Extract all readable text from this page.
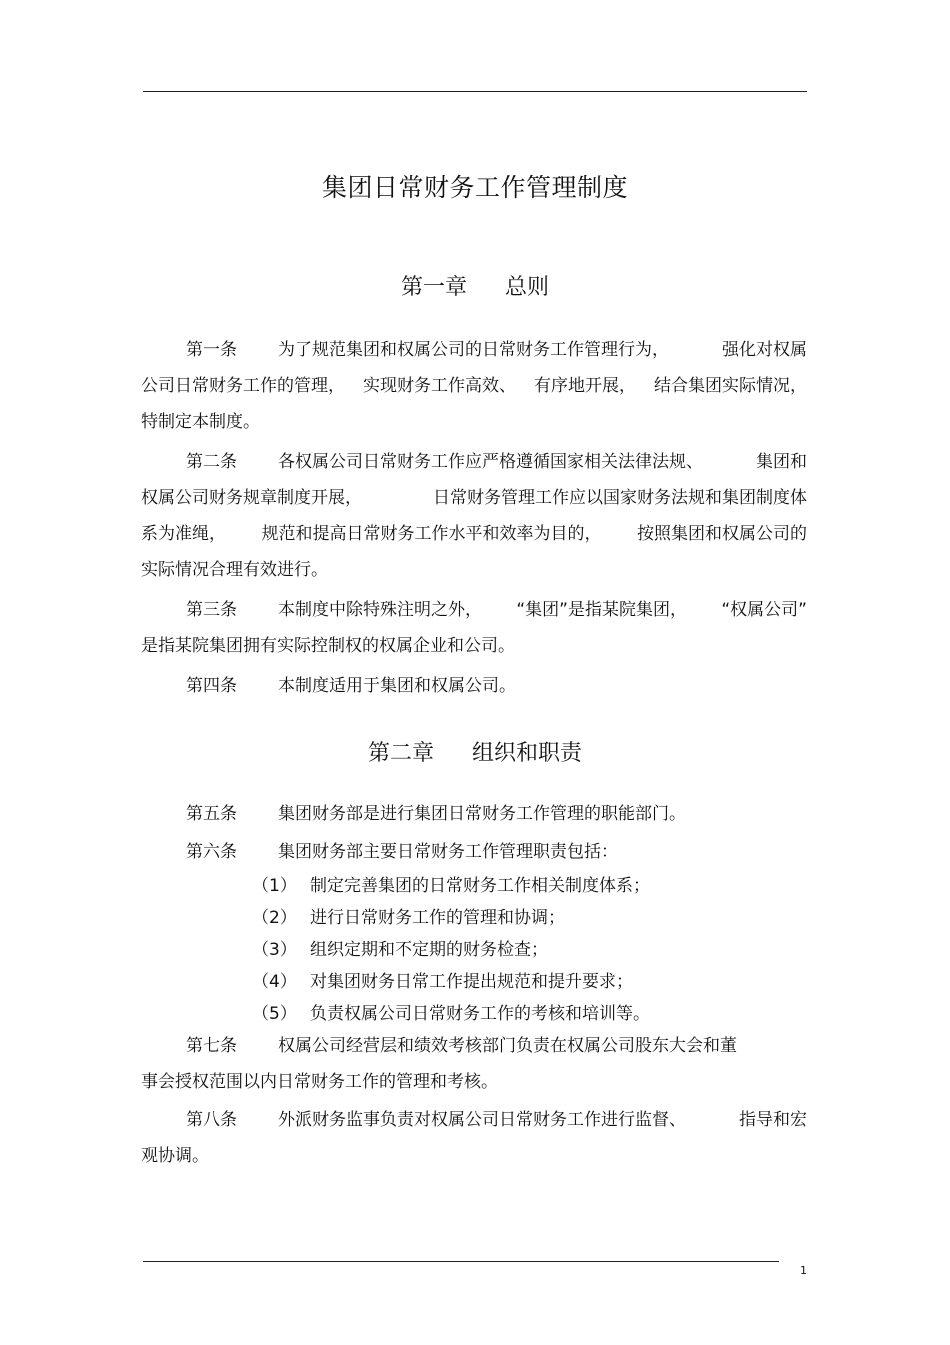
集团日常财务工作管理制度
第一章 总则
第一条 为了规范集团和权属公司的日常财务工作管理行为，	强化对权属
公司日常财务工作的管理， 实现财务工作高效、 有序地开展， 结合集团实际情况，
特制定本制度。
第二条 各权属公司日常财务工作应严格遵循国家相关法律法规、	集团和
权属公司财务规章制度开展，	日常财务管理工作应以国家财务法规和集团制度体
系为准绳， 规范和提高日常财务工作水平和效率为目的， 按照集团和权属公司的
实际情况合理有效进行。
第三条 本制度中除特殊注明之外， “集团”是指某院集团， “权属公司”
是指某院集团拥有实际控制权的权属企业和公司。
第四条 本制度适用于集团和权属公司。
第二章 组织和职责
第五条 集团财务部是进行集团日常财务工作管理的职能部门。
第六条 集团财务部主要日常财务工作管理职责包括：
（1） 制定完善集团的日常财务工作相关制度体系；
（2） 进行日常财务工作的管理和协调；
（3） 组织定期和不定期的财务检查；
（4） 对集团财务日常工作提出规范和提升要求；
（5） 负责权属公司日常财务工作的考核和培训等。
第七条 权属公司经营层和绩效考核部门负责在权属公司股东大会和董
事会授权范围以内日常财务工作的管理和考核。
第八条 外派财务监事负责对权属公司日常财务工作进行监督、	指导和宏
观协调。
1
